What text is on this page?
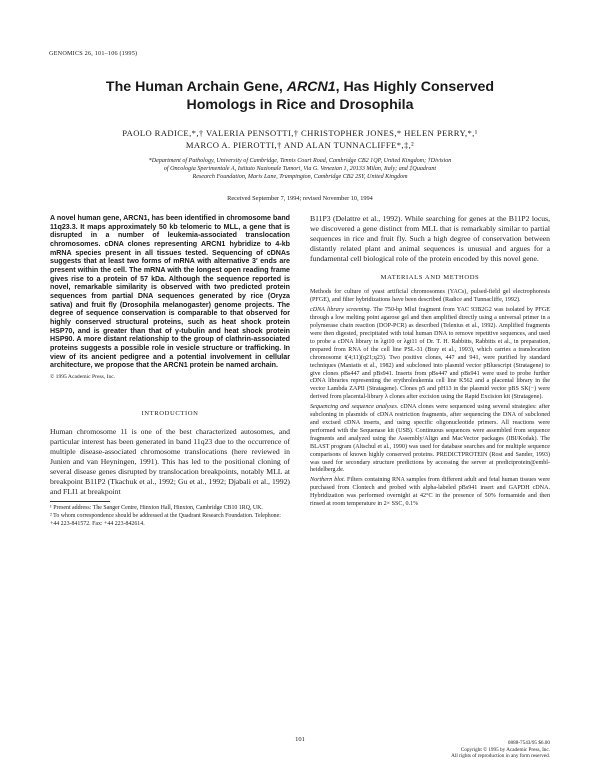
GENOMICS 26, 101–106 (1995)
The Human Archain Gene, ARCN1, Has Highly Conserved
Homologs in Rice and Drosophila
PAOLO RADICE,*,† VALERIA PENSOTTI,† CHRISTOPHER JONES,* HELEN PERRY,*,¹
MARCO A. PIEROTTI,† AND ALAN TUNNACLIFFE*,‡,²
*Department of Pathology, University of Cambridge, Tennis Court Road, Cambridge CB2 1QP, United Kingdom; †Division
of Oncologia Sperimentale A, Istituto Nazionale Tumori, Via G. Venezian 1, 20133 Milan, Italy; and ‡Quadrant
Research Foundation, Maris Lane, Trumpington, Cambridge CB2 2SY, United Kingdom
Received September 7, 1994; revised November 10, 1994

A novel human gene, ARCN1, has been identified in chromosome band 11q23.3. It maps approximately 50 kb telomeric to MLL, a gene that is disrupted in a number of leukemia-associated translocation chromosomes. cDNA clones representing ARCN1 hybridize to 4-kb mRNA species present in all tissues tested. Sequencing of cDNAs suggests that at least two forms of mRNA with alternative 3′ ends are present within the cell. The mRNA with the longest open reading frame gives rise to a protein of 57 kDa. Although the sequence reported is novel, remarkable similarity is observed with two predicted protein sequences from partial DNA sequences generated by rice (Oryza sativa) and fruit fly (Drosophila melanogaster) genome projects. The degree of sequence conservation is comparable to that observed for highly conserved structural proteins, such as heat shock protein HSP70, and is greater than that of γ-tubulin and heat shock protein HSP90. A more distant relationship to the group of clathrin-associated proteins suggests a possible role in vesicle structure or trafficking. In view of its ancient pedigree and a potential involvement in cellular architecture, we propose that the ARCN1 protein be named archain.

© 1995 Academic Press, Inc.

INTRODUCTION

Human chromosome 11 is one of the best characterized autosomes, and particular interest has been generated in band 11q23 due to the occurrence of multiple disease-associated chromosome translocations (here reviewed in Junien and van Heyningen, 1991). This has led to the positional cloning of several disease genes disrupted by translocation breakpoints, notably MLL at breakpoint B11P2 (Tkachuk et al., 1992; Gu et al., 1992; Djabali et al., 1992) and FLI1 at breakpoint

¹ Present address: The Sanger Centre, Hinxton Hall, Hinxton, Cambridge CB10 1RQ, UK.

² To whom correspondence should be addressed at the Quadrant Research Foundation. Telephone: +44 223-841572. Fax: +44 223-842614.

B11P3 (Delattre et al., 1992). While searching for genes at the B11P2 locus, we discovered a gene distinct from MLL that is remarkably similar to partial sequences in rice and fruit fly. Such a high degree of conservation between distantly related plant and animal sequences is unusual and argues for a fundamental cell biological role of the protein encoded by this novel gene.

MATERIALS AND METHODS

Methods for culture of yeast artificial chromosomes (YACs), pulsed-field gel electrophoresis (PFGE), and filter hybridizations have been described (Radice and Tunnacliffe, 1992).

cDNA library screening. The 750-bp MluI fragment from YAC 93B2G2 was isolated by PFGE through a low melting point agarose gel and then amplified directly using a universal primer in a polymerase chain reaction (DOP-PCR) as described (Telenius et al., 1992). Amplified fragments were then digested, precipitated with total human DNA to remove repetitive sequences, and used to probe a cDNA library in λgt10 or λgt11 of Dr. T. H. Rabbitts, Rabbitts et al., in preparation, prepared from RNA of the cell line PSL-31 (Bray et al., 1993), which carries a translocation chromosome t(4;11)(q21;q23). Two positive clones, 447 and 941, were purified by standard techniques (Maniatis et al., 1982) and subcloned into plasmid vector pBluescript (Stratagene) to give clones pBs447 and pBs941. Inserts from pBs447 and pBs941 were used to probe further cDNA libraries representing the erythroleukemia cell line K562 and a placental library in the vector Lambda ZAPII (Stratagene). Clones p5 and pH13 in the plasmid vector pBS SK(−) were derived from placental-library λ clones after excision using the Rapid Excision kit (Stratagene).

Sequencing and sequence analyses. cDNA clones were sequenced using several strategies: after subcloning in plasmids of cDNA restriction fragments, after sequencing the DNA of subcloned and excised cDNA inserts, and using specific oligonucleotide primers. All reactions were performed with the Sequenase kit (USB). Continuous sequences were assembled from sequence fragments and analyzed using the Assembly/Align and MacVector packages (IBI/Kodak). The BLAST program (Altschul et al., 1990) was used for database searches and for multiple sequence comparisons of known highly conserved proteins. PREDICTPROTEIN (Rost and Sander, 1993) was used for secondary structure predictions by accessing the server at predictprotein@embl-heidelberg.de.

Northern blot. Filters containing RNA samples from different adult and fetal human tissues were purchased from Clontech and probed with alpha-labeled pBs941 insert and GAPDH cDNA. Hybridization was performed overnight at 42°C in the presence of 50% formamide and then rinsed at room temperature in 2× SSC, 0.1%

101	0888-7543/95 $6.00
Copyright © 1995 by Academic Press, Inc.
All rights of reproduction in any form reserved.
